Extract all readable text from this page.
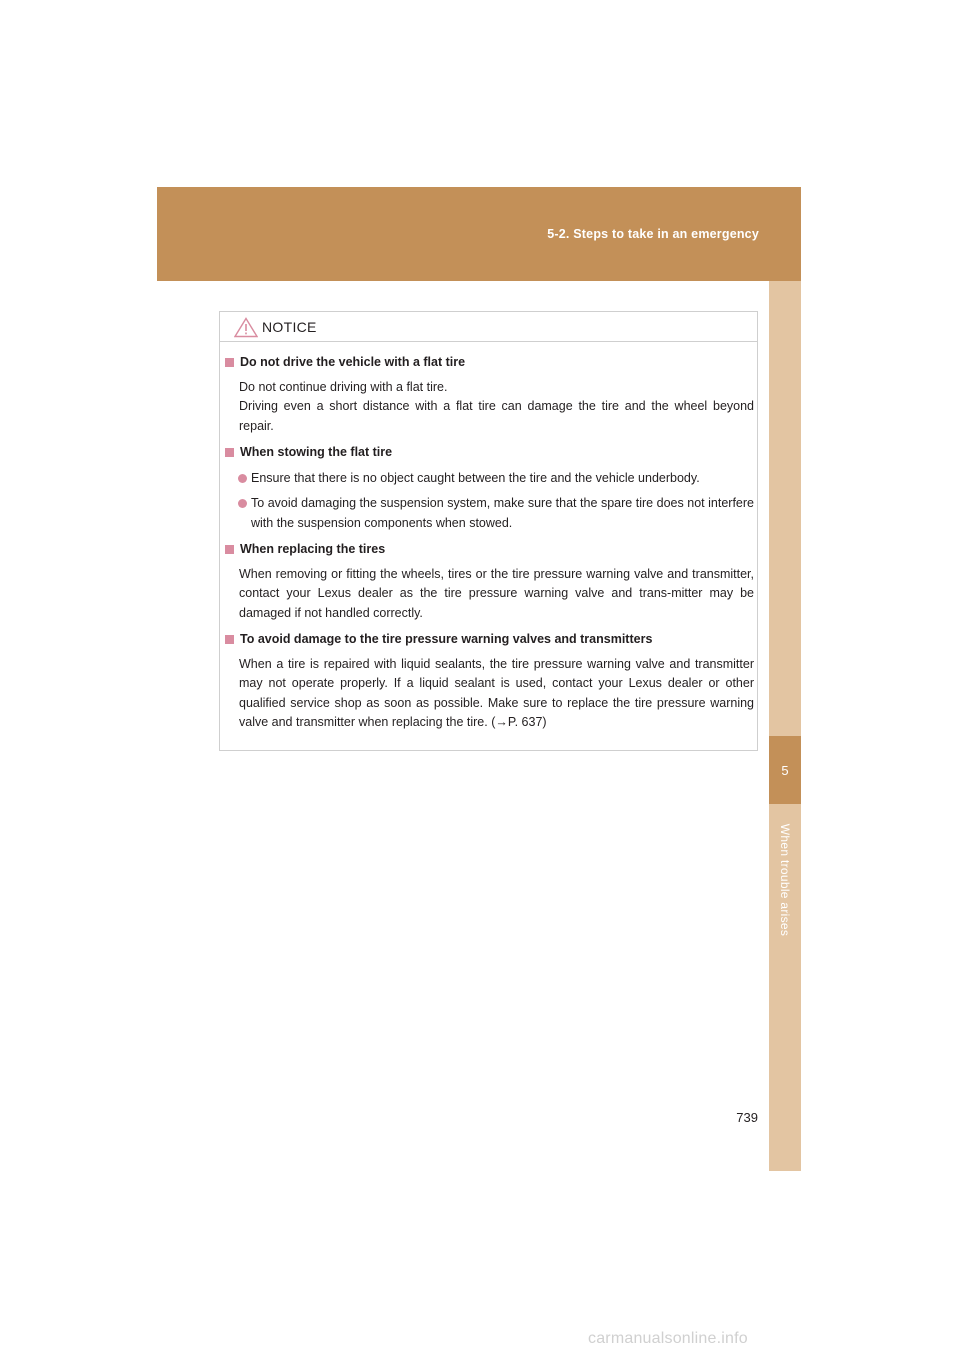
5-2. Steps to take in an emergency
5
When trouble arises
NOTICE
Do not drive the vehicle with a flat tire
Do not continue driving with a flat tire.
Driving even a short distance with a flat tire can damage the tire and the wheel beyond repair.
When stowing the flat tire
Ensure that there is no object caught between the tire and the vehicle underbody.
To avoid damaging the suspension system, make sure that the spare tire does not interfere with the suspension components when stowed.
When replacing the tires
When removing or fitting the wheels, tires or the tire pressure warning valve and transmitter, contact your Lexus dealer as the tire pressure warning valve and trans-mitter may be damaged if not handled correctly.
To avoid damage to the tire pressure warning valves and transmitters
When a tire is repaired with liquid sealants, the tire pressure warning valve and transmitter may not operate properly. If a liquid sealant is used, contact your Lexus dealer or other qualified service shop as soon as possible. Make sure to replace the tire pressure warning valve and transmitter when replacing the tire. (→P. 637)
739
carmanualsonline.info
